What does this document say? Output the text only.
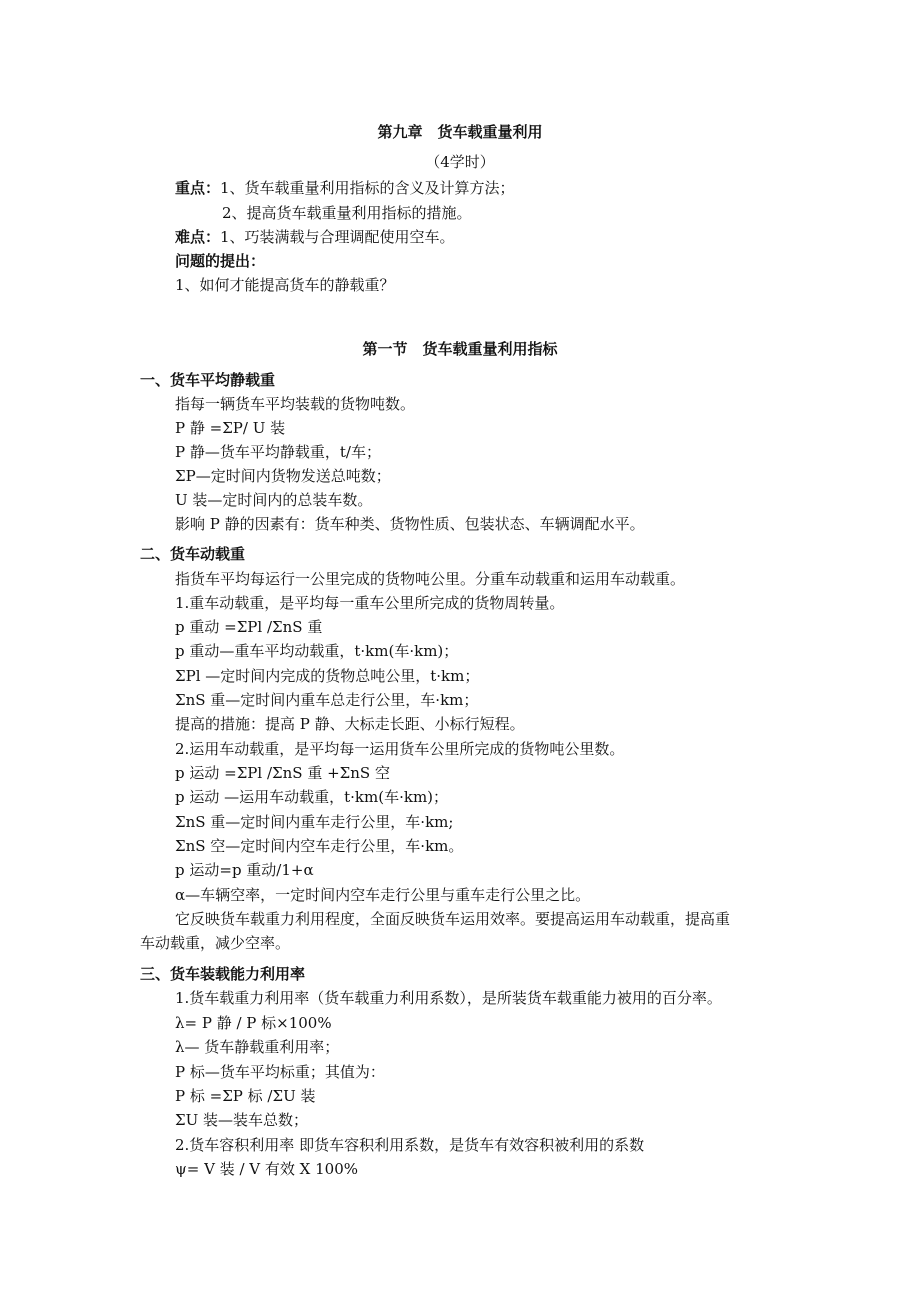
第九章　货车载重量利用
（4学时）
重点：1、货车载重量利用指标的含义及计算方法；
2、提高货车载重量利用指标的措施。
难点：1、巧装满载与合理调配使用空车。
问题的提出：
1、如何才能提高货车的静载重？
第一节　货车载重量利用指标
一、货车平均静载重
指每一辆货车平均装载的货物吨数。
P 静 =ΣP/ U 装
P 静—货车平均静载重，t/车；
ΣP—定时间内货物发送总吨数；
U 装—定时间内的总装车数。
影响 P 静的因素有：货车种类、货物性质、包装状态、车辆调配水平。
二、货车动载重
指货车平均每运行一公里完成的货物吨公里。分重车动载重和运用车动载重。
1.重车动载重，是平均每一重车公里所完成的货物周转量。
p 重动 =ΣPl /ΣnS 重
p 重动—重车平均动载重，t·km(车·km)；
ΣPl —定时间内完成的货物总吨公里，t·km；
ΣnS 重—定时间内重车总走行公里，车·km；
提高的措施：提高 P 静、大标走长距、小标行短程。
2.运用车动载重，是平均每一运用货车公里所完成的货物吨公里数。
p 运动 =ΣPl /ΣnS 重 +ΣnS 空
p 运动 —运用车动载重，t·km(车·km)；
ΣnS 重—定时间内重车走行公里，车·km;
ΣnS 空—定时间内空车走行公里，车·km。
p 运动=p 重动/1+α
α—车辆空率，一定时间内空车走行公里与重车走行公里之比。
它反映货车载重力利用程度，全面反映货车运用效率。要提高运用车动载重，提高重
车动载重，减少空率。
三、货车装载能力利用率
1.货车载重力利用率（货车载重力利用系数），是所装货车载重能力被用的百分率。
λ= P 静 / P 标×100%
λ— 货车静载重利用率；
P 标—货车平均标重；其值为：
P 标 =ΣP 标 /ΣU 装
ΣU 装—装车总数；
2.货车容积利用率 即货车容积利用系数，是货车有效容积被利用的系数
ψ= V 装 / V 有效 X 100%
